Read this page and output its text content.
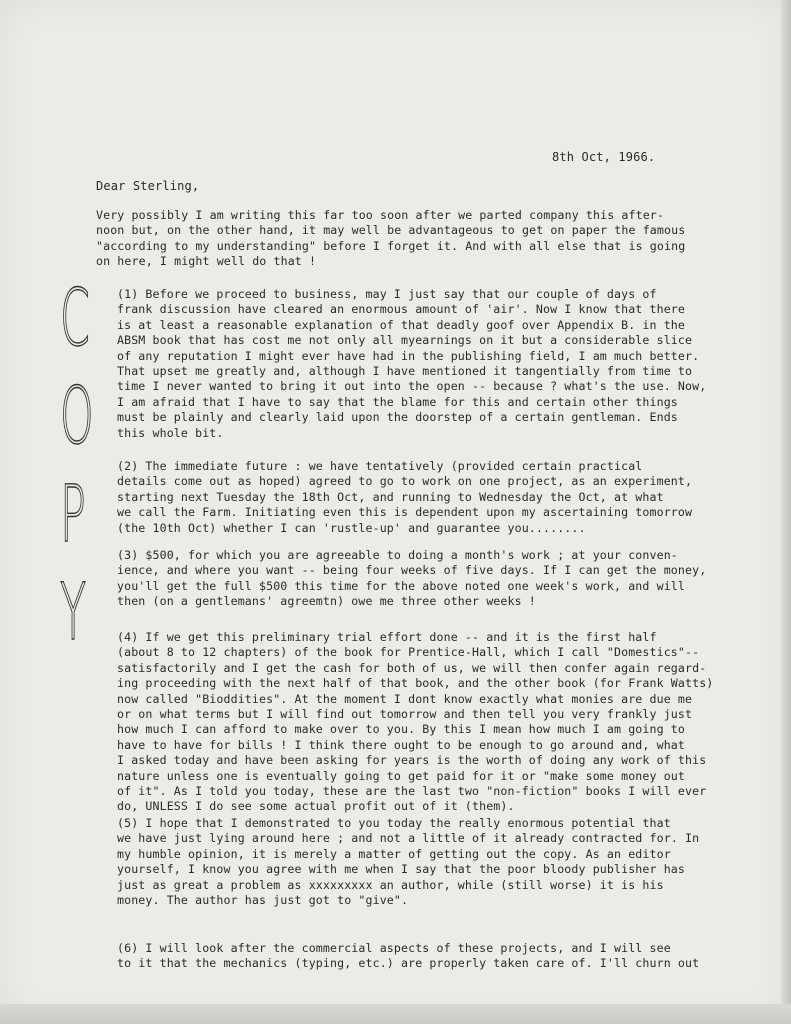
8th Oct, 1966.
Dear Sterling,
C
O
P
Y
Very possibly I am writing this far too soon after we parted company this after-
noon but, on the other hand, it may well be advantageous to get on paper the famous
"according to my understanding" before I forget it. And with all else that is going
on here, I might well do that !
(1) Before we proceed to business, may I just say that our couple of days of
frank discussion have cleared an enormous amount of 'air'. Now I know that there
is at least a reasonable explanation of that deadly goof over Appendix B. in the
ABSM book that has cost me not only all myearnings on it but a considerable slice
of any reputation I might ever have had in the publishing field, I am much better.
That upset me greatly and, although I have mentioned it tangentially from time to
time I never wanted to bring it out into the open -- because ? what's the use. Now,
I am afraid that I have to say that the blame for this and certain other things
must be plainly and clearly laid upon the doorstep of a certain gentleman. Ends
this whole bit.
(2) The immediate future : we have tentatively (provided certain practical
details come out as hoped) agreed to go to work on one project, as an experiment,
starting next Tuesday the 18th Oct, and running to Wednesday the Oct, at what
we call the Farm. Initiating even this is dependent upon my ascertaining tomorrow
(the 10th Oct) whether I can 'rustle-up' and guarantee you........
(3) $500, for which you are agreeable to doing a month's work ; at your conven-
ience, and where you want -- being four weeks of five days. If I can get the money,
you'll get the full $500 this time for the above noted one week's work, and will
then (on a gentlemans' agreemtn) owe me three other weeks !
(4) If we get this preliminary trial effort done -- and it is the first half
(about 8 to 12 chapters) of the book for Prentice-Hall, which I call "Domestics"--
satisfactorily and I get the cash for both of us, we will then confer again regard-
ing proceeding with the next half of that book, and the other book (for Frank Watts)
now called "Bioddities". At the moment I dont know exactly what monies are due me
or on what terms but I will find out tomorrow and then tell you very frankly just
how much I can afford to make over to you. By this I mean how much I am going to
have to have for bills ! I think there ought to be enough to go around and, what
I asked today and have been asking for years is the worth of doing any work of this
nature unless one is eventually going to get paid for it or "make some money out
of it". As I told you today, these are the last two "non-fiction" books I will ever
do, UNLESS I do see some actual profit out of it (them).
(5) I hope that I demonstrated to you today the really enormous potential that
we have just lying around here ; and not a little of it already contracted for. In
my humble opinion, it is merely a matter of getting out the copy. As an editor
yourself, I know you agree with me when I say that the poor bloody publisher has
just as great a problem as xxxxxxxxx an author, while (still worse) it is his
money. The author has just got to "give".
(6) I will look after the commercial aspects of these projects, and I will see
to it that the mechanics (typing, etc.) are properly taken care of. I'll churn out
